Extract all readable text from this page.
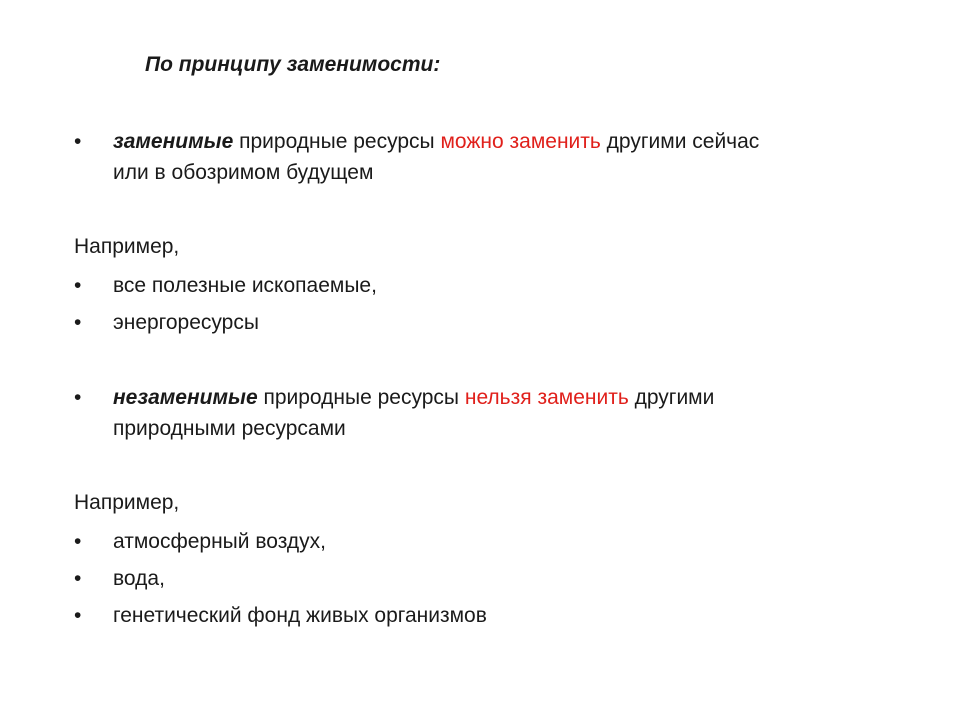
По принципу заменимости:
• заменимые природные ресурсы можно заменить другими сейчас
или в обозримом будущем
Например,
• все полезные ископаемые,
• энергоресурсы
• незаменимые природные ресурсы нельзя заменить другими
природными ресурсами
Например,
• атмосферный воздух,
• вода,
• генетический фонд живых организмов
